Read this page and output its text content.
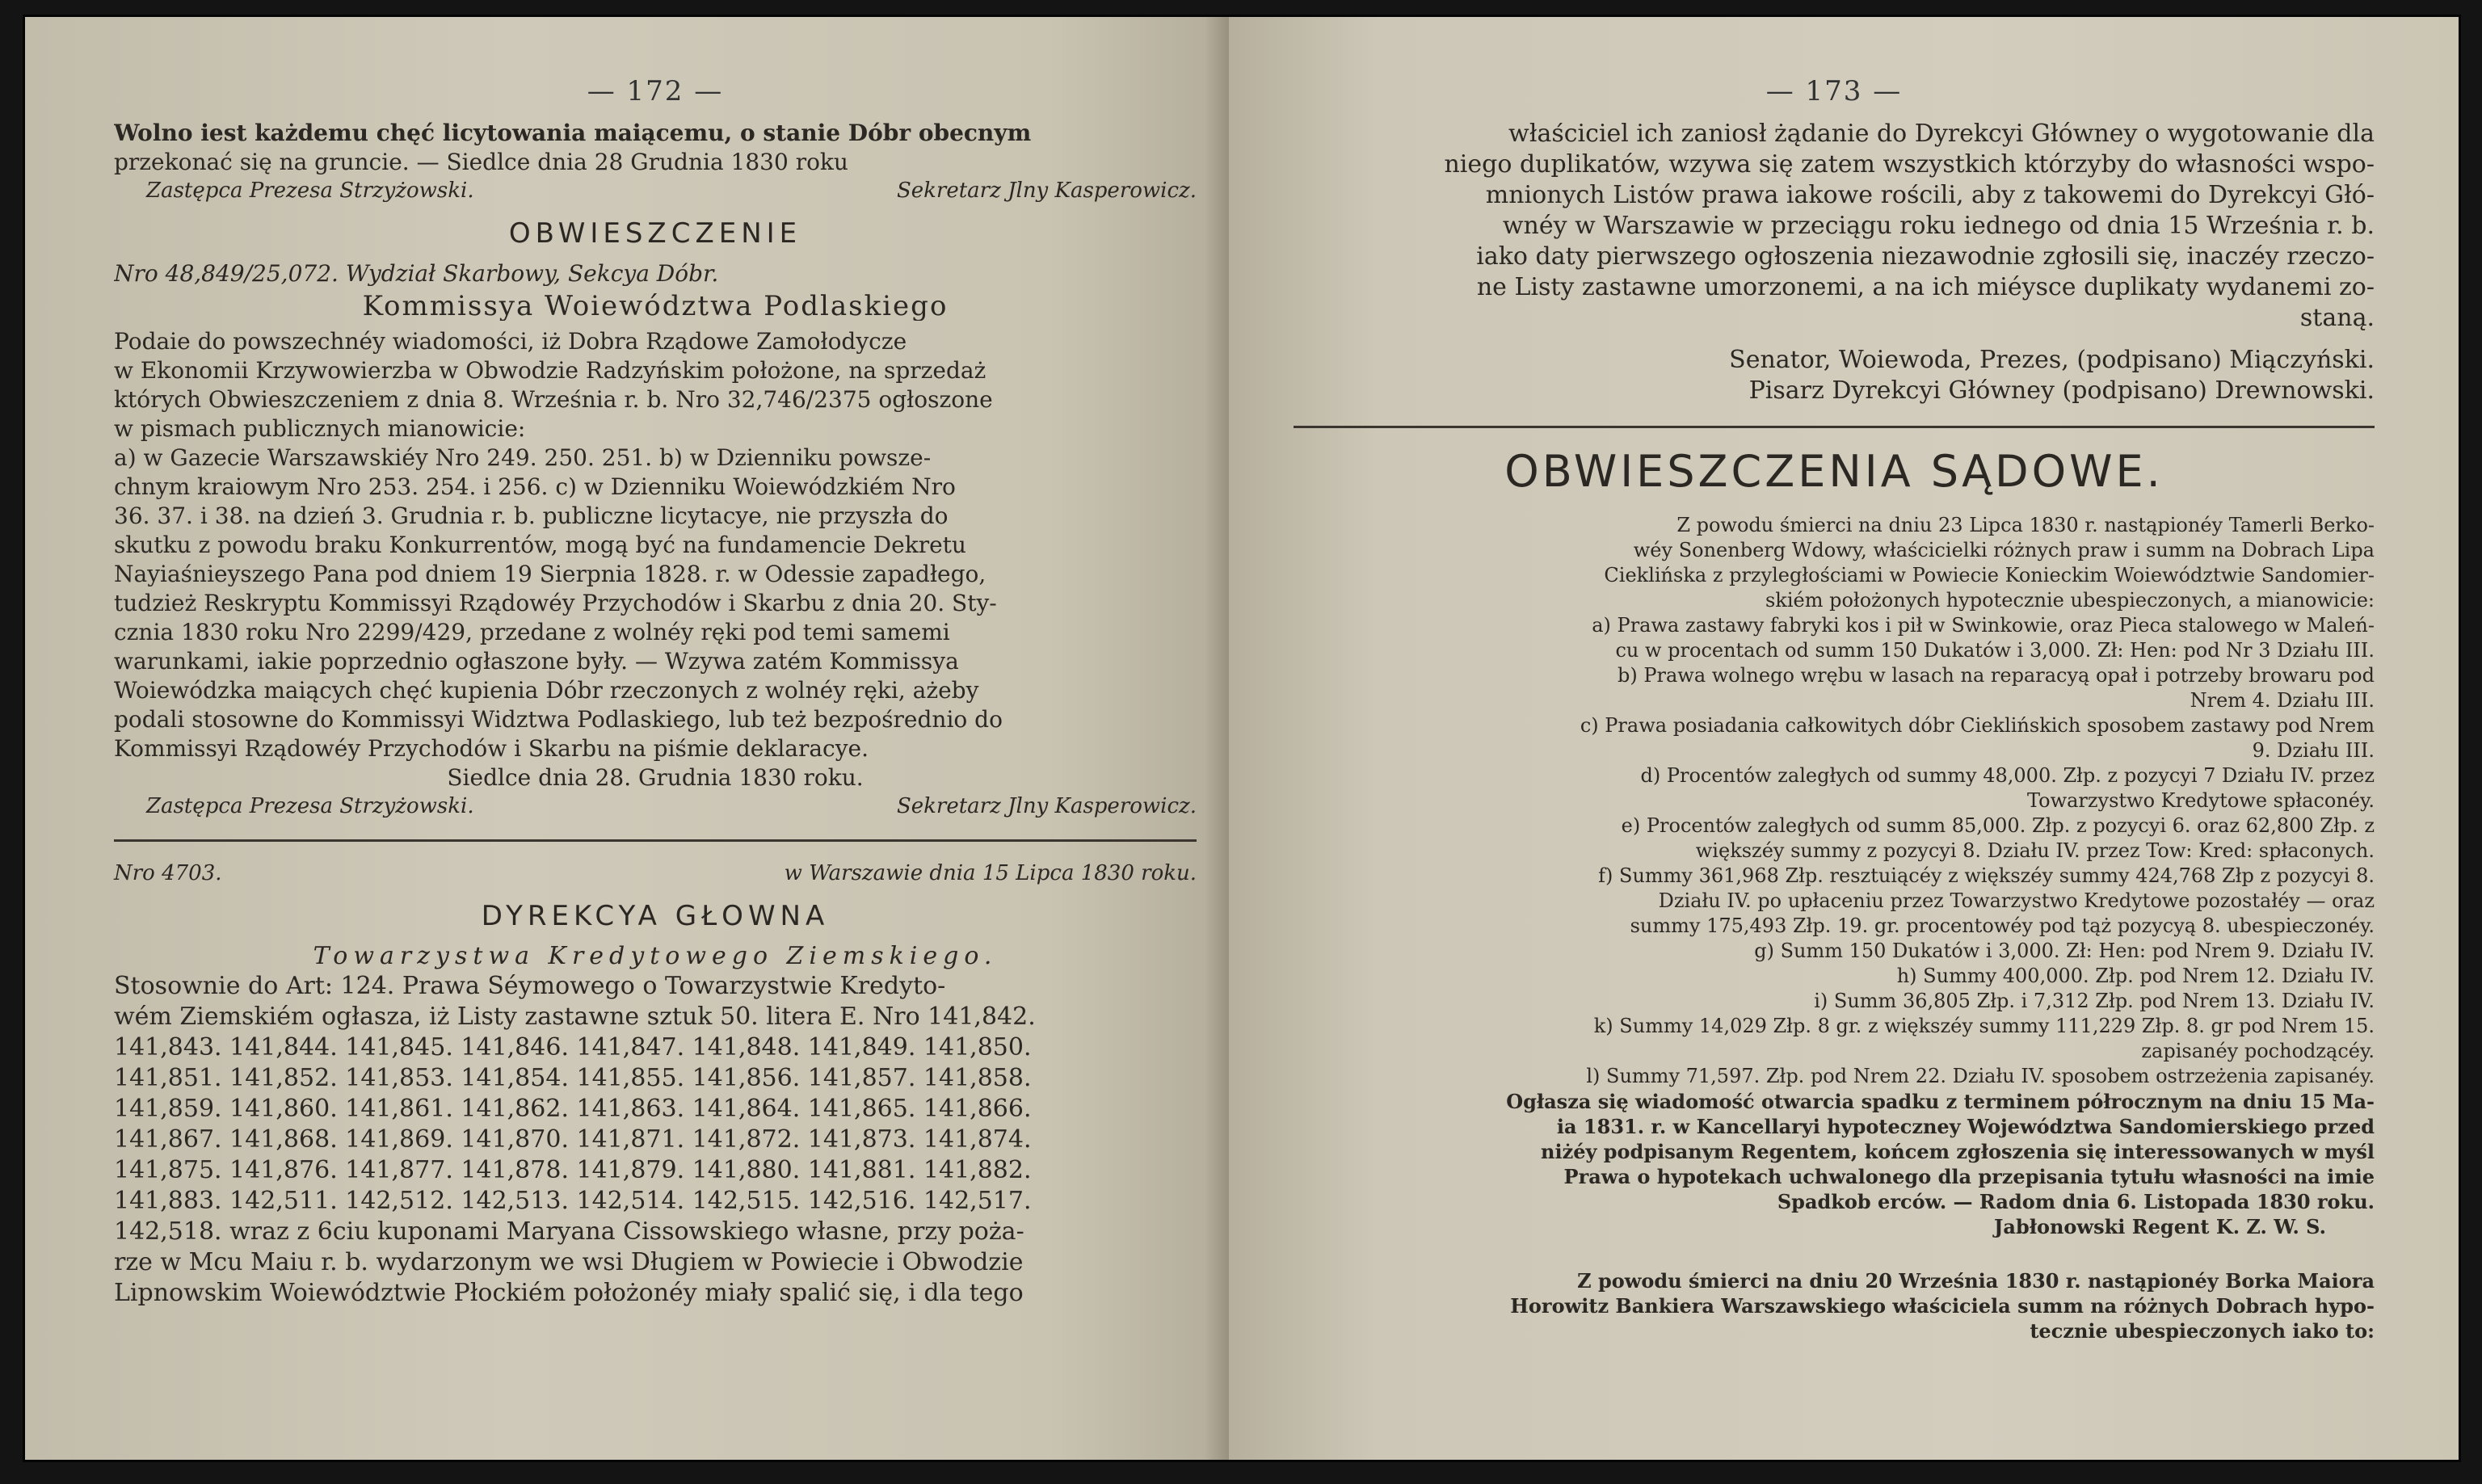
— 172 —

Wolno iest każdemu chęć licytowania maiącemu, o stanie Dóbr obecnym

przekonać się na gruncie. — Siedlce dnia 28 Grudnia 1830 roku

Zastępca Prezesa Strzyżowski.	Sekretarz Jlny Kasperowicz.
OBWIESZCZENIE

Nro 48,849/25,072. Wydział Skarbowy, Sekcya Dóbr.

Kommissya Woiewództwa Podlaskiego

Podaie do powszechnéy wiadomości, iż Dobra Rządowe Zamołodycze

w Ekonomii Krzywowierzba w Obwodzie Radzyńskim położone, na sprzedaż

których Obwieszczeniem z dnia 8. Września r. b. Nro 32,746/2375 ogłoszone

w pismach publicznych mianowicie:

a) w Gazecie Warszawskiéy Nro 249. 250. 251. b) w Dzienniku powsze-

chnym kraiowym Nro 253. 254. i 256. c) w Dzienniku Woiewódzkiém Nro

36. 37. i 38. na dzień 3. Grudnia r. b. publiczne licytacye, nie przyszła do

skutku z powodu braku Konkurrentów, mogą być na fundamencie Dekretu

Nayiaśnieyszego Pana pod dniem 19 Sierpnia 1828. r. w Odessie zapadłego,

tudzież Reskryptu Kommissyi Rządowéy Przychodów i Skarbu z dnia 20. Sty-

cznia 1830 roku Nro 2299/429, przedane z wolnéy ręki pod temi samemi

warunkami, iakie poprzednio ogłaszone były. — Wzywa zatém Kommissya

Woiewódzka maiących chęć kupienia Dóbr rzeczonych z wolnéy ręki, ażeby

podali stosowne do Kommissyi Widztwa Podlaskiego, lub też bezpośrednio do

Kommissyi Rządowéy Przychodów i Skarbu na piśmie deklaracye.

Siedlce dnia 28. Grudnia 1830 roku.

Zastępca Prezesa Strzyżowski.	Sekretarz Jlny Kasperowicz.
Nro 4703.	w Warszawie dnia 15 Lipca 1830 roku.
DYREKCYA GŁOWNA

Towarzystwa Kredytowego Ziemskiego.

Stosownie do Art: 124. Prawa Séymowego o Towarzystwie Kredyto-

wém Ziemskiém ogłasza, iż Listy zastawne sztuk 50. litera E. Nro 141,842.

141,843. 141,844. 141,845. 141,846. 141,847. 141,848. 141,849. 141,850.

141,851. 141,852. 141,853. 141,854. 141,855. 141,856. 141,857. 141,858.

141,859. 141,860. 141,861. 141,862. 141,863. 141,864. 141,865. 141,866.

141,867. 141,868. 141,869. 141,870. 141,871. 141,872. 141,873. 141,874.

141,875. 141,876. 141,877. 141,878. 141,879. 141,880. 141,881. 141,882.

141,883. 142,511. 142,512. 142,513. 142,514. 142,515. 142,516. 142,517.

142,518. wraz z 6ciu kuponami Maryana Cissowskiego własne, przy poża-

rze w Mcu Maiu r. b. wydarzonym we wsi Długiem w Powiecie i Obwodzie

Lipnowskim Woiewództwie Płockiém położonéy miały spalić się, i dla tego

— 173 —

właściciel ich zaniosł żądanie do Dyrekcyi Główney o wygotowanie dla

niego duplikatów, wzywa się zatem wszystkich którzyby do własności wspo-

mnionych Listów prawa iakowe rościli, aby z takowemi do Dyrekcyi Głó-

wnéy w Warszawie w przeciągu roku iednego od dnia 15 Września r. b.

iako daty pierwszego ogłoszenia niezawodnie zgłosili się, inaczéy rzeczo-

ne Listy zastawne umorzonemi, a na ich miéysce duplikaty wydanemi zo-

staną.

Senator, Woiewoda, Prezes, (podpisano) Miączyński.

Pisarz Dyrekcyi Główney (podpisano) Drewnowski.

OBWIESZCZENIA SĄDOWE.

Z powodu śmierci na dniu 23 Lipca 1830 r. nastąpionéy Tamerli Berko-

wéy Sonenberg Wdowy, właścicielki różnych praw i summ na Dobrach Lipa

Cieklińska z przyległościami w Powiecie Konieckim Woiewództwie Sandomier-

skiém położonych hypotecznie ubespieczonych, a mianowicie:

a) Prawa zastawy fabryki kos i pił w Swinkowie, oraz Pieca stalowego w Maleń-

cu w procentach od summ 150 Dukatów i 3,000. Zł: Hen: pod Nr 3 Działu III.

b) Prawa wolnego wrębu w lasach na reparacyą opał i potrzeby browaru pod

Nrem 4. Działu III.

c) Prawa posiadania całkowitych dóbr Cieklińskich sposobem zastawy pod Nrem

9. Działu III.

d) Procentów zaległych od summy 48,000. Złp. z pozycyi 7 Działu IV. przez

Towarzystwo Kredytowe spłaconéy.

e) Procentów zaległych od summ 85,000. Złp. z pozycyi 6. oraz 62,800 Złp. z

większéy summy z pozycyi 8. Działu IV. przez Tow: Kred: spłaconych.

f) Summy 361,968 Złp. resztuiącéy z większéy summy 424,768 Złp z pozycyi 8.

Działu IV. po upłaceniu przez Towarzystwo Kredytowe pozostałéy — oraz

summy 175,493 Złp. 19. gr. procentowéy pod tąż pozycyą 8. ubespieczonéy.

g) Summ 150 Dukatów i 3,000. Zł: Hen: pod Nrem 9. Działu IV.

h) Summy 400,000. Złp. pod Nrem 12. Działu IV.

i) Summ 36,805 Złp. i 7,312 Złp. pod Nrem 13. Działu IV.

k) Summy 14,029 Złp. 8 gr. z większéy summy 111,229 Złp. 8. gr pod Nrem 15.

zapisanéy pochodzącéy.

l) Summy 71,597. Złp. pod Nrem 22. Działu IV. sposobem ostrzeżenia zapisanéy.

Ogłasza się wiadomość otwarcia spadku z terminem półrocznym na dniu 15 Ma-

ia 1831. r. w Kancellaryi hypoteczney Województwa Sandomierskiego przed

niżéy podpisanym Regentem, końcem zgłoszenia się interessowanych w myśl

Prawa o hypotekach uchwalonego dla przepisania tytułu własności na imie

Spadkob erców. — Radom dnia 6. Listopada 1830 roku.

Jabłonowski Regent K. Z. W. S.

Z powodu śmierci na dniu 20 Września 1830 r. nastąpionéy Borka Maiora

Horowitz Bankiera Warszawskiego właściciela summ na różnych Dobrach hypo-

tecznie ubespieczonych iako to:
